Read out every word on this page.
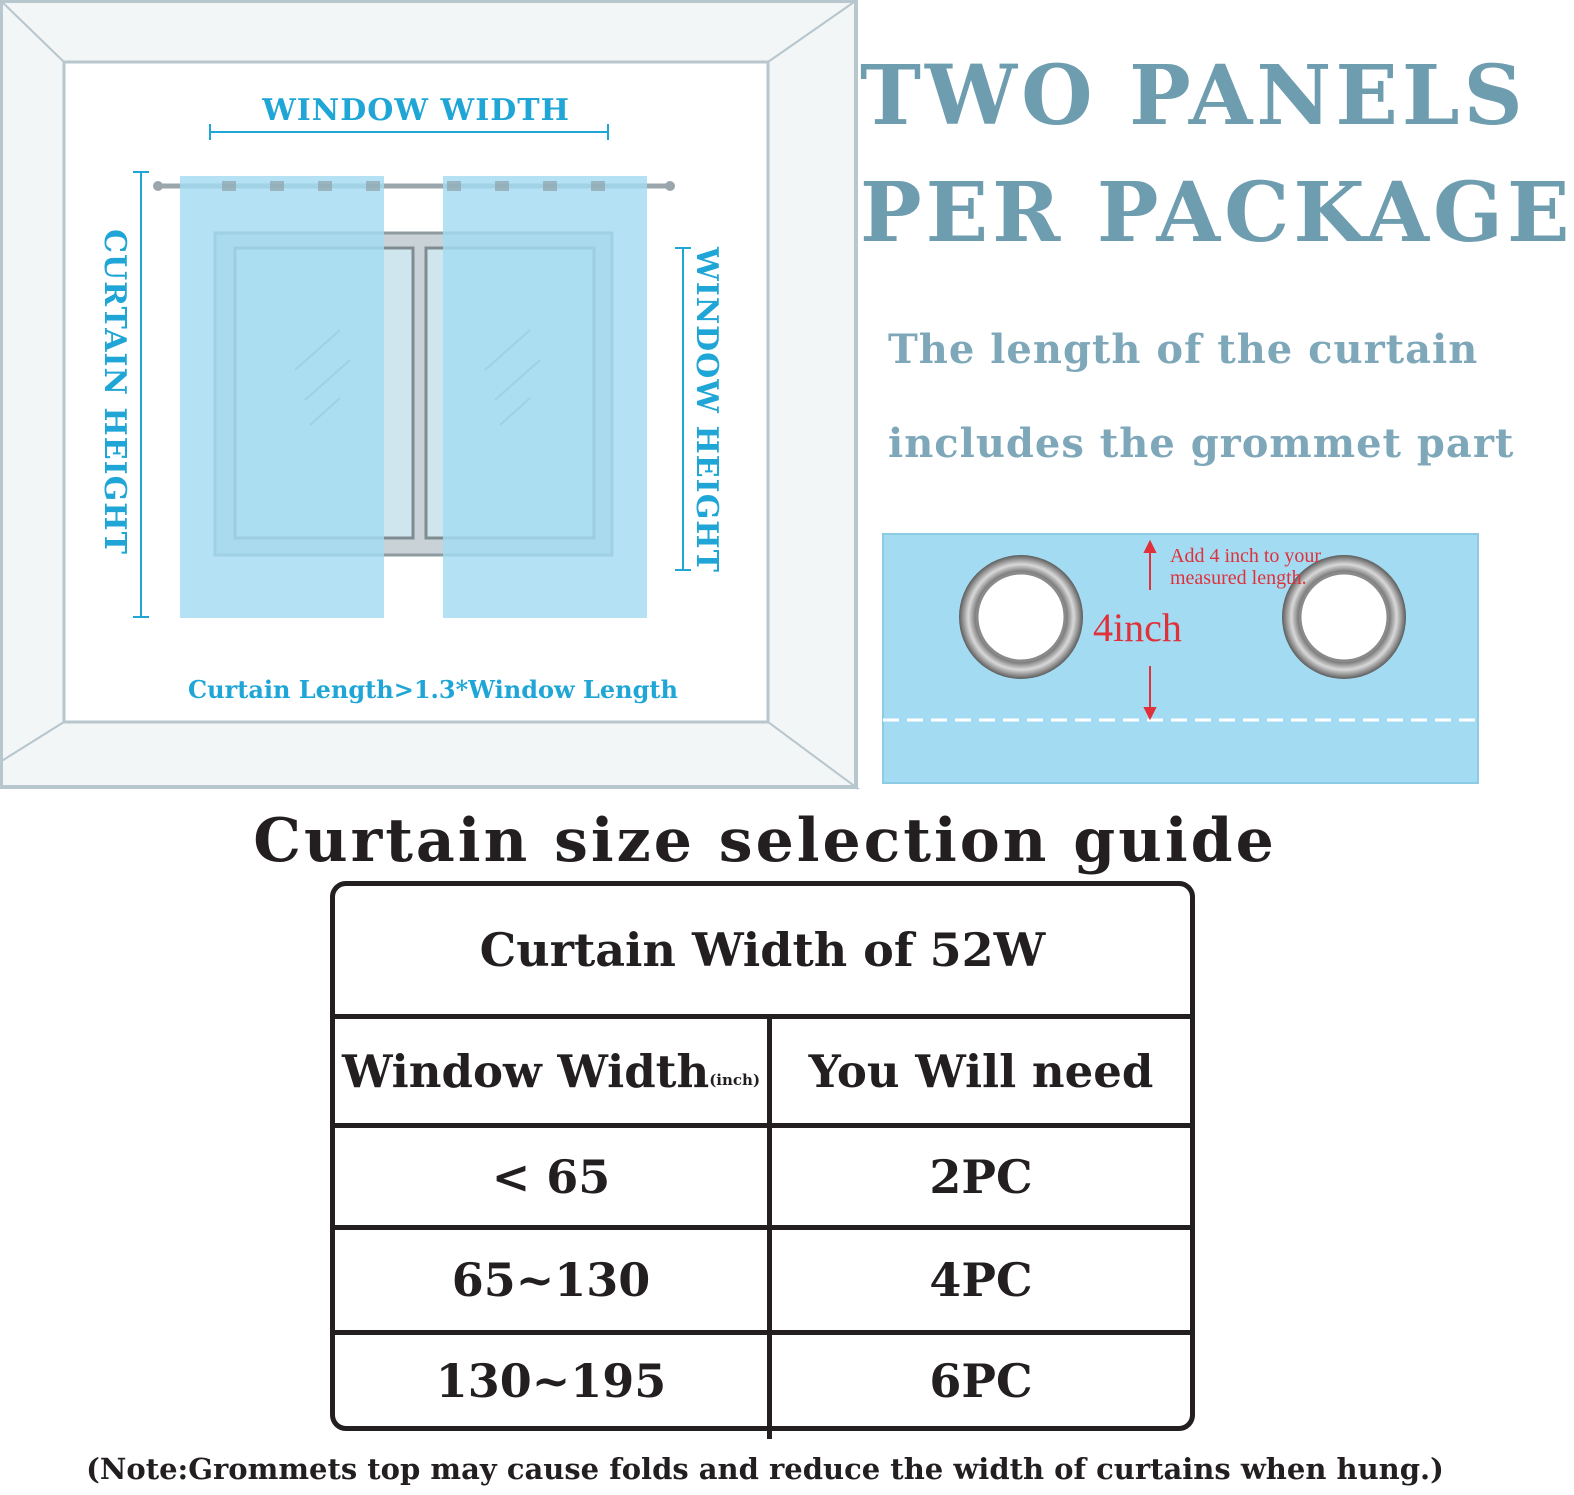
WINDOW WIDTH
CURTAIN HEIGHT	WINDOW HEIGHT
Curtain Length>1.3*Window Length
TWO PANELS
PER PACKAGE
The length of the curtain
includes the grommet part
Add 4 inch to your
measured length.
4inch
Curtain size selection guide
Curtain Width of 52W
Window Width (inch)	You Will need
< 65	2PC
65~130	4PC
130~195	6PC
(Note:Grommets top may cause folds and reduce the width of curtains when hung.)
